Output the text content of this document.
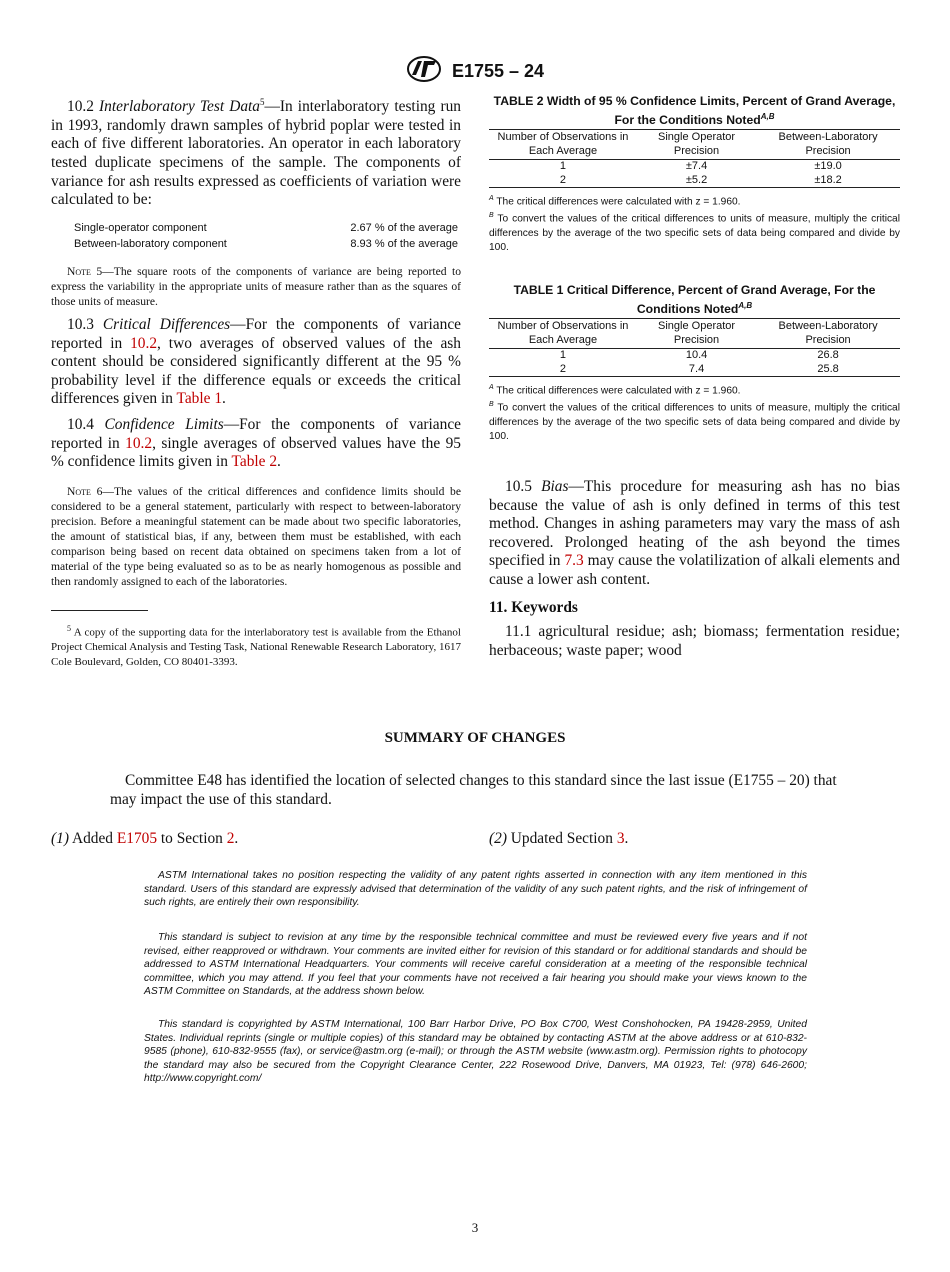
E1755 – 24

10.2 Interlaboratory Test Data$^5$—In interlaboratory testing run in 1993, randomly drawn samples of hybrid poplar were tested in each of five different laboratories. An operator in each laboratory tested duplicate specimens of the sample. The components of variance for ash results expressed as coefficients of variation were calculated to be:

Single-operator component	2.67 % of the average
Between-laboratory component	8.93 % of the average

Note 5—The square roots of the components of variance are being reported to express the variability in the appropriate units of measure rather than as the squares of those units of measure.

10.3 Critical Differences—For the components of variance reported in 10.2, two averages of observed values of the ash content should be considered significantly different at the 95 % probability level if the difference equals or exceeds the critical differences given in Table 1.

10.4 Confidence Limits—For the components of variance reported in 10.2, single averages of observed values have the 95 % confidence limits given in Table 2.

Note 6—The values of the critical differences and confidence limits should be considered to be a general statement, particularly with respect to between-laboratory precision. Before a meaningful statement can be made about two specific laboratories, the amount of statistical bias, if any, between them must be established, with each comparison being based on recent data obtained on specimens taken from a lot of material of the type being evaluated so as to be as nearly homogenous as possible and then randomly assigned to each of the laboratories.

$^5$ A copy of the supporting data for the interlaboratory test is available from the Ethanol Project Chemical Analysis and Testing Task, National Renewable Research Laboratory, 1617 Cole Boulevard, Golden, CO 80401-3393.

TABLE 2 Width of 95 % Confidence Limits, Percent of Grand Average, For the Conditions Noted$^{A,B}$
Number of Observations in Each Average	Single Operator Precision	Between-Laboratory Precision
1	±7.4	±19.0
2	±5.2	±18.2
$^A$ The critical differences were calculated with z = 1.960.
$^B$ To convert the values of the critical differences to units of measure, multiply the critical differences by the average of the two specific sets of data being compared and divide by 100.
TABLE 1 Critical Difference, Percent of Grand Average, For the Conditions Noted$^{A,B}$
Number of Observations in Each Average	Single Operator Precision	Between-Laboratory Precision
1	10.4	26.8
2	7.4	25.8
$^A$ The critical differences were calculated with z = 1.960.
$^B$ To convert the values of the critical differences to units of measure, multiply the critical differences by the average of the two specific sets of data being compared and divide by 100.

10.5 Bias—This procedure for measuring ash has no bias because the value of ash is only defined in terms of this test method. Changes in ashing parameters may vary the mass of ash recovered. Prolonged heating of the ash beyond the times specified in 7.3 may cause the volatilization of alkali elements and cause a lower ash content.

11. Keywords

11.1 agricultural residue; ash; biomass; fermentation residue; herbaceous; waste paper; wood

SUMMARY OF CHANGES

Committee E48 has identified the location of selected changes to this standard since the last issue (E1755 – 20) that may impact the use of this standard.

(1) Added E1705 to Section 2.	(2) Updated Section 3.

ASTM International takes no position respecting the validity of any patent rights asserted in connection with any item mentioned in this standard. Users of this standard are expressly advised that determination of the validity of any such patent rights, and the risk of infringement of such rights, are entirely their own responsibility.

This standard is subject to revision at any time by the responsible technical committee and must be reviewed every five years and if not revised, either reapproved or withdrawn. Your comments are invited either for revision of this standard or for additional standards and should be addressed to ASTM International Headquarters. Your comments will receive careful consideration at a meeting of the responsible technical committee, which you may attend. If you feel that your comments have not received a fair hearing you should make your views known to the ASTM Committee on Standards, at the address shown below.

This standard is copyrighted by ASTM International, 100 Barr Harbor Drive, PO Box C700, West Conshohocken, PA 19428-2959, United States. Individual reprints (single or multiple copies) of this standard may be obtained by contacting ASTM at the above address or at 610-832-9585 (phone), 610-832-9555 (fax), or service@astm.org (e-mail); or through the ASTM website (www.astm.org). Permission rights to photocopy the standard may also be secured from the Copyright Clearance Center, 222 Rosewood Drive, Danvers, MA 01923, Tel: (978) 646-2600; http://www.copyright.com/

3
